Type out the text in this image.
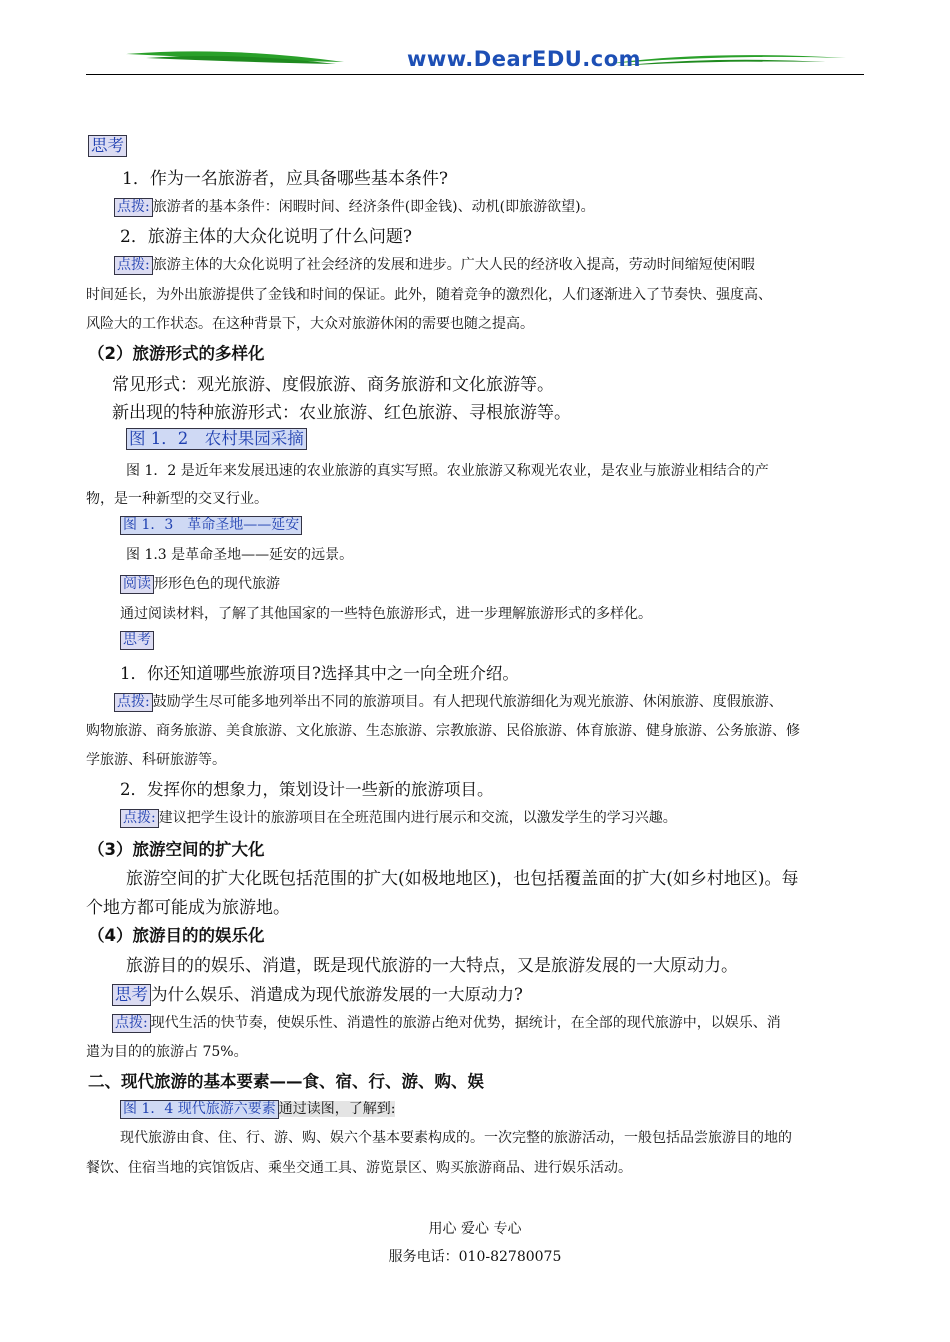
www.DearEDU.com
思考
1．作为一名旅游者，应具备哪些基本条件?
点拨: 旅游者的基本条件：闲暇时间、经济条件(即金钱)、动机(即旅游欲望)。
2．旅游主体的大众化说明了什么问题?
点拨: 旅游主体的大众化说明了社会经济的发展和进步。广大人民的经济收入提高，劳动时间缩短使闲暇
时间延长，为外出旅游提供了金钱和时间的保证。此外，随着竞争的激烈化，人们逐渐进入了节奏快、强度高、
风险大的工作状态。在这种背景下，大众对旅游休闲的需要也随之提高。
（2）旅游形式的多样化
常见形式：观光旅游、度假旅游、商务旅游和文化旅游等。
新出现的特种旅游形式：农业旅游、红色旅游、寻根旅游等。
图 1．2　农村果园采摘
图 1．2 是近年来发展迅速的农业旅游的真实写照。农业旅游又称观光农业，是农业与旅游业相结合的产
物，是一种新型的交叉行业。
图 1．3　革命圣地——延安
图 1.3 是革命圣地——延安的远景。
阅读 形形色色的现代旅游
通过阅读材料，了解了其他国家的一些特色旅游形式，进一步理解旅游形式的多样化。
思考
1．你还知道哪些旅游项目?选择其中之一向全班介绍。
点拨: 鼓励学生尽可能多地列举出不同的旅游项目。有人把现代旅游细化为观光旅游、休闲旅游、度假旅游、
购物旅游、商务旅游、美食旅游、文化旅游、生态旅游、宗教旅游、民俗旅游、体育旅游、健身旅游、公务旅游、修
学旅游、科研旅游等。
2．发挥你的想象力，策划设计一些新的旅游项目。
点拨: 建议把学生设计的旅游项目在全班范围内进行展示和交流，以激发学生的学习兴趣。
（3）旅游空间的扩大化
旅游空间的扩大化既包括范围的扩大(如极地地区)，也包括覆盖面的扩大(如乡村地区)。每
个地方都可能成为旅游地。
（4）旅游目的的娱乐化
旅游目的的娱乐、消遣，既是现代旅游的一大特点，又是旅游发展的一大原动力。
思考 为什么娱乐、消遣成为现代旅游发展的一大原动力?
点拨: 现代生活的快节奏，使娱乐性、消遣性的旅游占绝对优势，据统计，在全部的现代旅游中，以娱乐、消
遣为目的的旅游占 75%。
二、现代旅游的基本要素——食、宿、行、游、购、娱
图 1．4 现代旅游六要素 通过读图，了解到:
现代旅游由食、住、行、游、购、娱六个基本要素构成的。一次完整的旅游活动，一般包括品尝旅游目的地的
餐饮、住宿当地的宾馆饭店、乘坐交通工具、游览景区、购买旅游商品、进行娱乐活动。
用心 爱心 专心
服务电话：010-82780075
